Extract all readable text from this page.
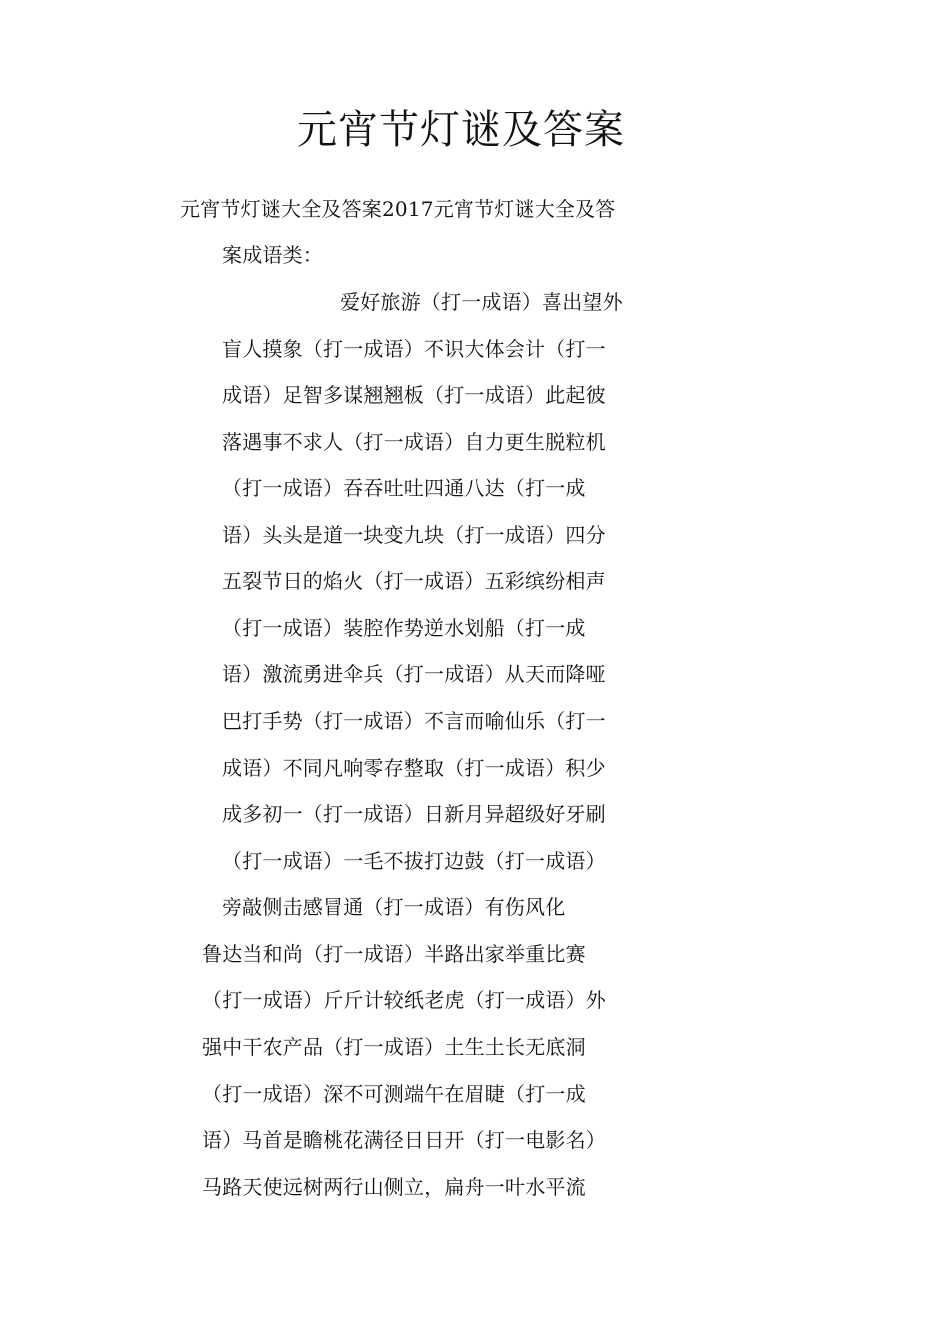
元宵节灯谜及答案
元宵节灯谜大全及答案2017元宵节灯谜大全及答
案成语类：
爱好旅游（打一成语）喜出望外
盲人摸象（打一成语）不识大体会计（打一
成语）足智多谋翘翘板（打一成语）此起彼
落遇事不求人（打一成语）自力更生脱粒机
（打一成语）吞吞吐吐四通八达（打一成
语）头头是道一块变九块（打一成语）四分
五裂节日的焰火（打一成语）五彩缤纷相声
（打一成语）装腔作势逆水划船（打一成
语）激流勇进伞兵（打一成语）从天而降哑
巴打手势（打一成语）不言而喻仙乐（打一
成语）不同凡响零存整取（打一成语）积少
成多初一（打一成语）日新月异超级好牙刷
（打一成语）一毛不拔打边鼓（打一成语）
旁敲侧击感冒通（打一成语）有伤风化
鲁达当和尚（打一成语）半路出家举重比赛
（打一成语）斤斤计较纸老虎（打一成语）外
强中干农产品（打一成语）土生土长无底洞
（打一成语）深不可测端午在眉睫（打一成
语）马首是瞻桃花满径日日开（打一电影名）
马路天使远树两行山侧立，扁舟一叶水平流
